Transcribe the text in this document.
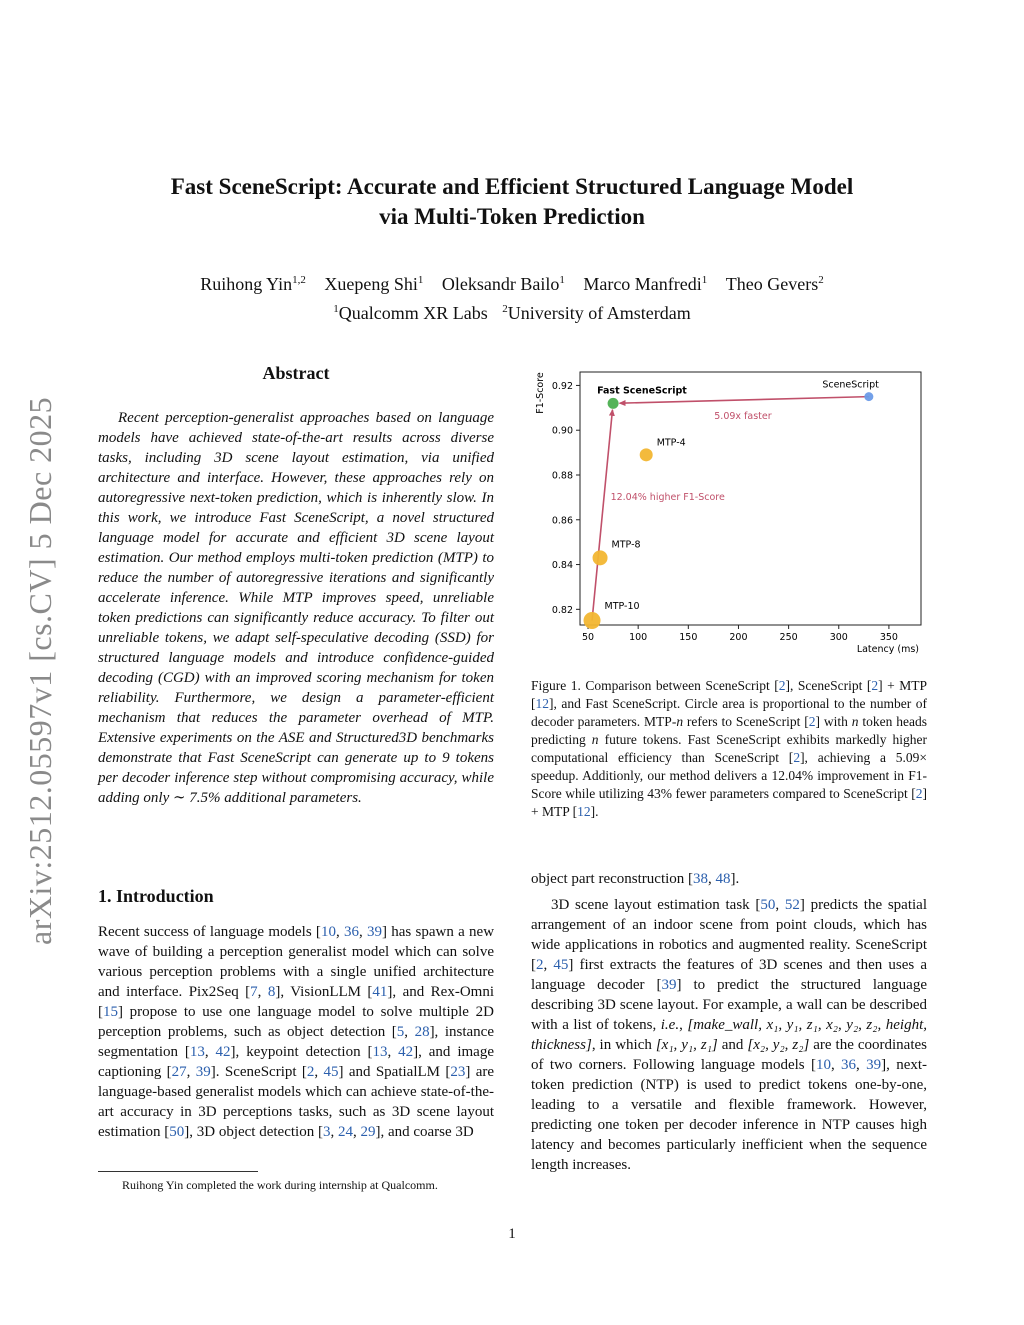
arXiv:2512.05597v1 [cs.CV] 5 Dec 2025
Fast SceneScript: Accurate and Efficient Structured Language Model
via Multi-Token Prediction
Ruihong Yin$^{1,2}$ Xuepeng Shi$^1$ Oleksandr Bailo$^1$ Marco Manfredi$^1$ Theo Gevers$^2$
$^1$Qualcomm XR Labs $^2$University of Amsterdam
Abstract

Recent perception-generalist approaches based on language models have achieved state-of-the-art results across diverse tasks, including 3D scene layout estimation, via unified architecture and interface. However, these approaches rely on autoregressive next-token prediction, which is inherently slow. In this work, we introduce Fast SceneScript, a novel structured language model for accurate and efficient 3D scene layout estimation. Our method employs multi-token prediction (MTP) to reduce the number of autoregressive iterations and significantly accelerate inference. While MTP improves speed, unreliable token predictions can significantly reduce accuracy. To filter out unreliable tokens, we adapt self-speculative decoding (SSD) for structured language models and introduce confidence-guided decoding (CGD) with an improved scoring mechanism for token reliability. Furthermore, we design a parameter-efficient mechanism that reduces the parameter overhead of MTP. Extensive experiments on the ASE and Structured3D benchmarks demonstrate that Fast SceneScript can generate up to 9 tokens per decoder inference step without compromising accuracy, while adding only ∼ 7.5% additional parameters.

1. Introduction

Recent success of language models [10, 36, 39] has spawn a new wave of building a perception generalist model which can solve various perception problems with a single unified architecture and interface. Pix2Seq [7, 8], VisionLLM [41], and Rex-Omni [15] propose to use one language model to solve multiple 2D perception problems, such as object detection [5, 28], instance segmentation [13, 42], keypoint detection [13, 42], and image captioning [27, 39]. SceneScript [2, 45] and SpatialLM [23] are language-based generalist models which can achieve state-of-the-art accuracy in 3D perceptions tasks, such as 3D scene layout estimation [50], 3D object detection [3, 24, 29], and coarse 3D

Ruihong Yin completed the work during internship at Qualcomm.
50	100	150	200	250	300	350
0.82
0.84
0.86
0.88
0.90
0.92
5.09x faster
12.04% higher F1-Score
SceneScript
Fast SceneScript
MTP-4
MTP-8
MTP-10
F1-Score
Latency (ms)

Figure 1. Comparison between SceneScript [2], SceneScript [2] + MTP [12], and Fast SceneScript. Circle area is proportional to the number of decoder parameters. MTP-n refers to SceneScript [2] with n token heads predicting n future tokens. Fast SceneScript exhibits markedly higher computational efficiency than SceneScript [2], achieving a 5.09× speedup. Additionly, our method delivers a 12.04% improvement in F1-Score while utilizing 43% fewer parameters compared to SceneScript [2] + MTP [12].

object part reconstruction [38, 48].

3D scene layout estimation task [50, 52] predicts the spatial arrangement of an indoor scene from point clouds, which has wide applications in robotics and augmented reality. SceneScript [2, 45] first extracts the features of 3D scenes and then uses a language decoder [39] to predict the structured language describing 3D scene layout. For example, a wall can be described with a list of tokens, i.e., [make_wall, x₁, y₁, z₁, x₂, y₂, z₂, height, thickness], in which [x₁, y₁, z₁] and [x₂, y₂, z₂] are the coordinates of two corners. Following language models [10, 36, 39], next-token prediction (NTP) is used to predict tokens one-by-one, leading to a versatile and flexible framework. However, predicting one token per decoder inference in NTP causes high latency and becomes particularly inefficient when the sequence length increases.

1
